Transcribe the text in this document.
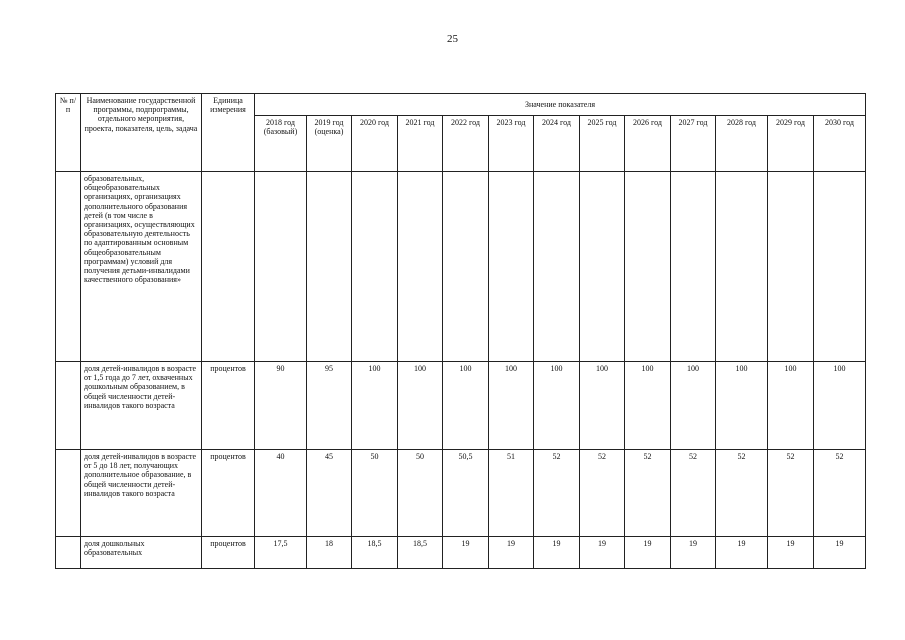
25
№ п/п	Наименование государственной программы, подпрограммы, отдельного мероприятия, проекта, показателя, цель, задача	Единица измерения	Значение показателя												
			2018 год (базовый)	2019 год (оценка)	2020 год	2021 год	2022 год	2023 год	2024 год	2025 год	2026 год	2027 год	2028 год	2029 год	2030 год
	образовательных, общеобразовательных организациях, организациях дополнительного образования детей (в том числе в организациях, осуществляющих образовательную деятельность по адаптированным основным общеобразовательным программам) условий для получения детьми-инвалидами качественного образования»														
	доля детей-инвалидов в возрасте от 1,5 года до 7 лет, охваченных дошкольным образованием, в общей численности детей-инвалидов такого возраста	процентов	90	95	100	100	100	100	100	100	100	100	100	100	100
	доля детей-инвалидов в возрасте от 5 до 18 лет, получающих дополнительное образование, в общей численности детей-инвалидов такого возраста	процентов	40	45	50	50	50,5	51	52	52	52	52	52	52	52
	доля дошкольных образовательных	процентов	17,5	18	18,5	18,5	19	19	19	19	19	19	19	19	19
